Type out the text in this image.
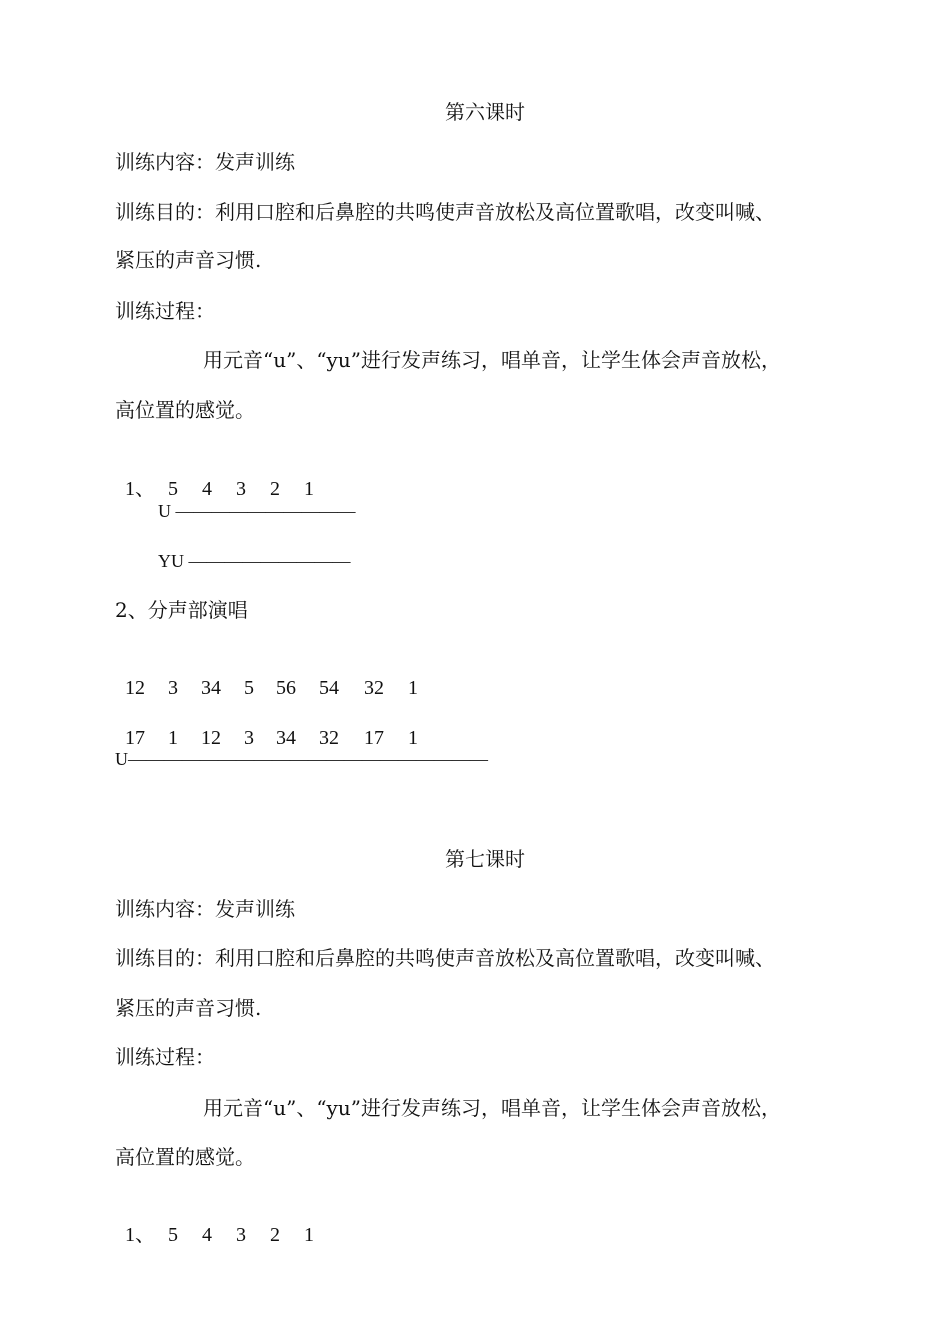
第六课时
训练内容：发声训练
训练目的：利用口腔和后鼻腔的共鸣使声音放松及高位置歌唱，改变叫喊、
紧压的声音习惯.
训练过程：
用元音“u”、“yu”进行发声练习，唱单音，让学生体会声音放松，
高位置的感觉。

1、 5 4 3 2 1

U ——————————
YU —————————
2、分声部演唱

12 3 34 5 56 54 32 1

17 1 12 3 34 32 17 1

U————————————————————
第七课时
训练内容：发声训练
训练目的：利用口腔和后鼻腔的共鸣使声音放松及高位置歌唱，改变叫喊、
紧压的声音习惯.
训练过程：
用元音“u”、“yu”进行发声练习，唱单音，让学生体会声音放松，
高位置的感觉。

1、 5 4 3 2 1
